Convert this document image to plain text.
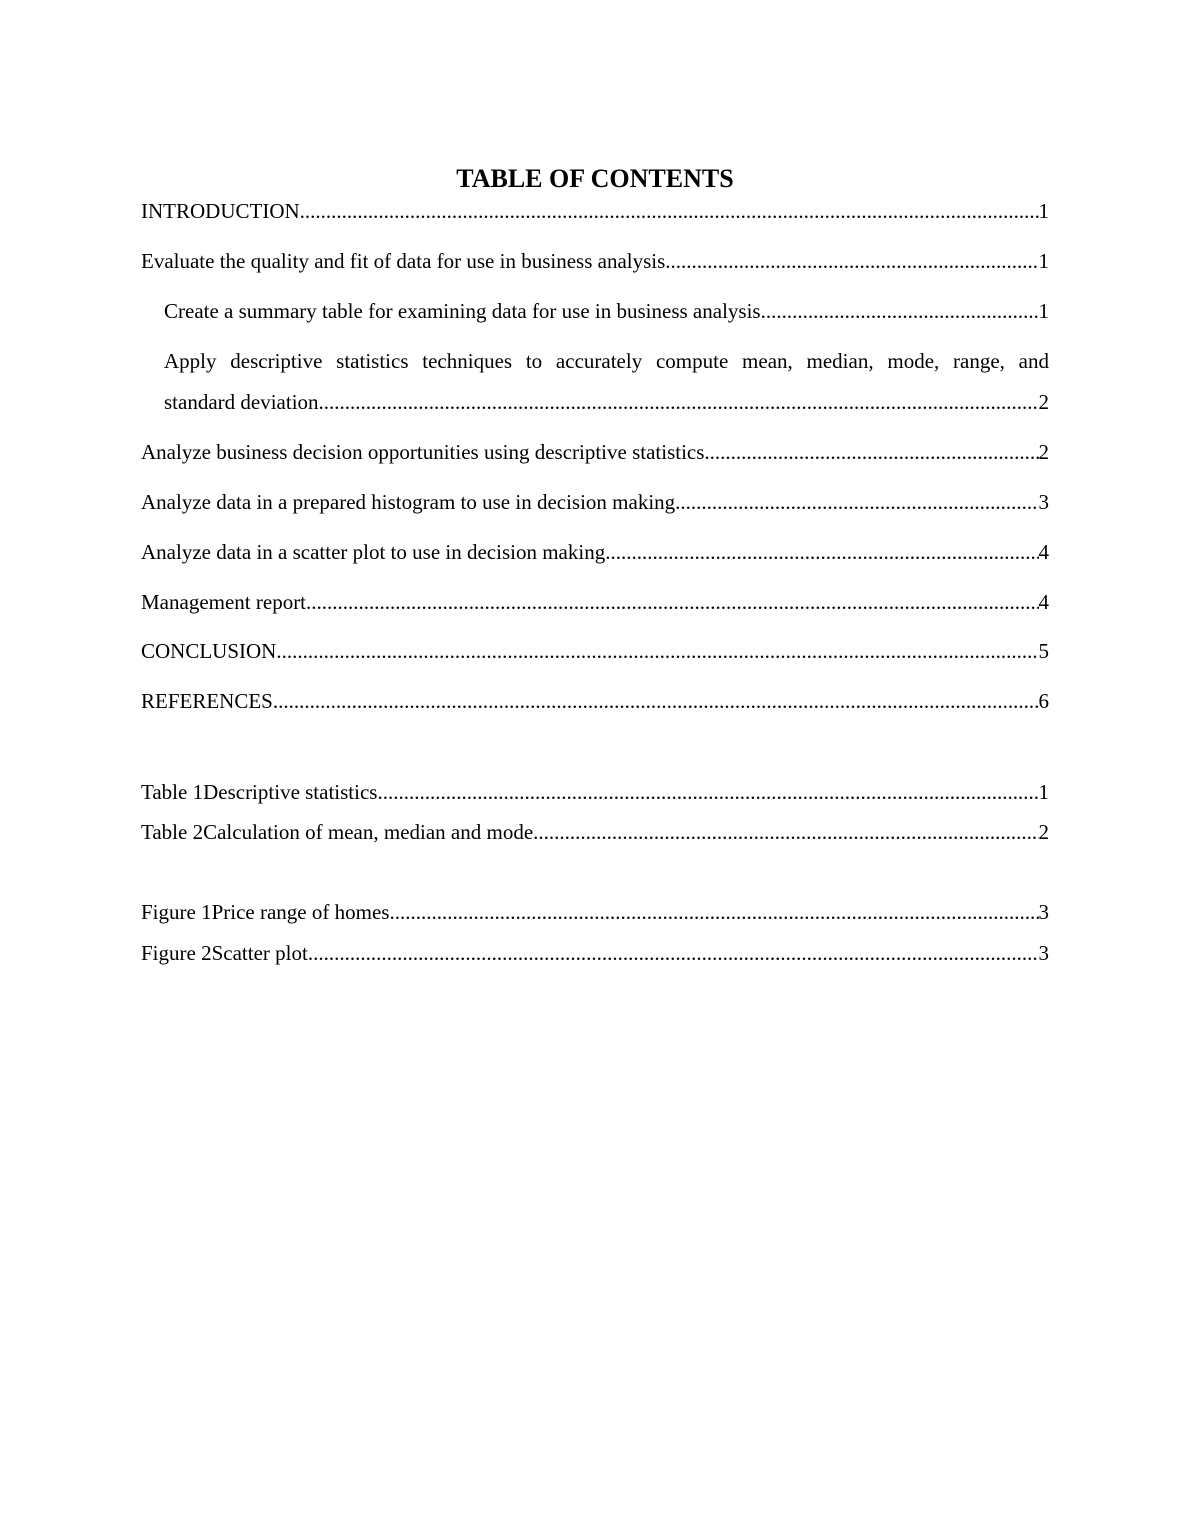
TABLE OF CONTENTS
INTRODUCTION .....	1
Evaluate the quality and fit of data for use in business analysis .....	1
Create a summary table for examining data for use in business analysis .....	1
Apply descriptive statistics techniques to accurately compute mean, median, mode, range, and
standard deviation .....	2
Analyze business decision opportunities using descriptive statistics .....	2
Analyze data in a prepared histogram to use in decision making .....	3
Analyze data in a scatter plot to use in decision making .....	4
Management report .....	4
CONCLUSION .....	5
REFERENCES .....	6
Table 1Descriptive statistics .....	1
Table 2Calculation of mean, median and mode .....	2
Figure 1Price range of homes .....	3
Figure 2Scatter plot .....	3
